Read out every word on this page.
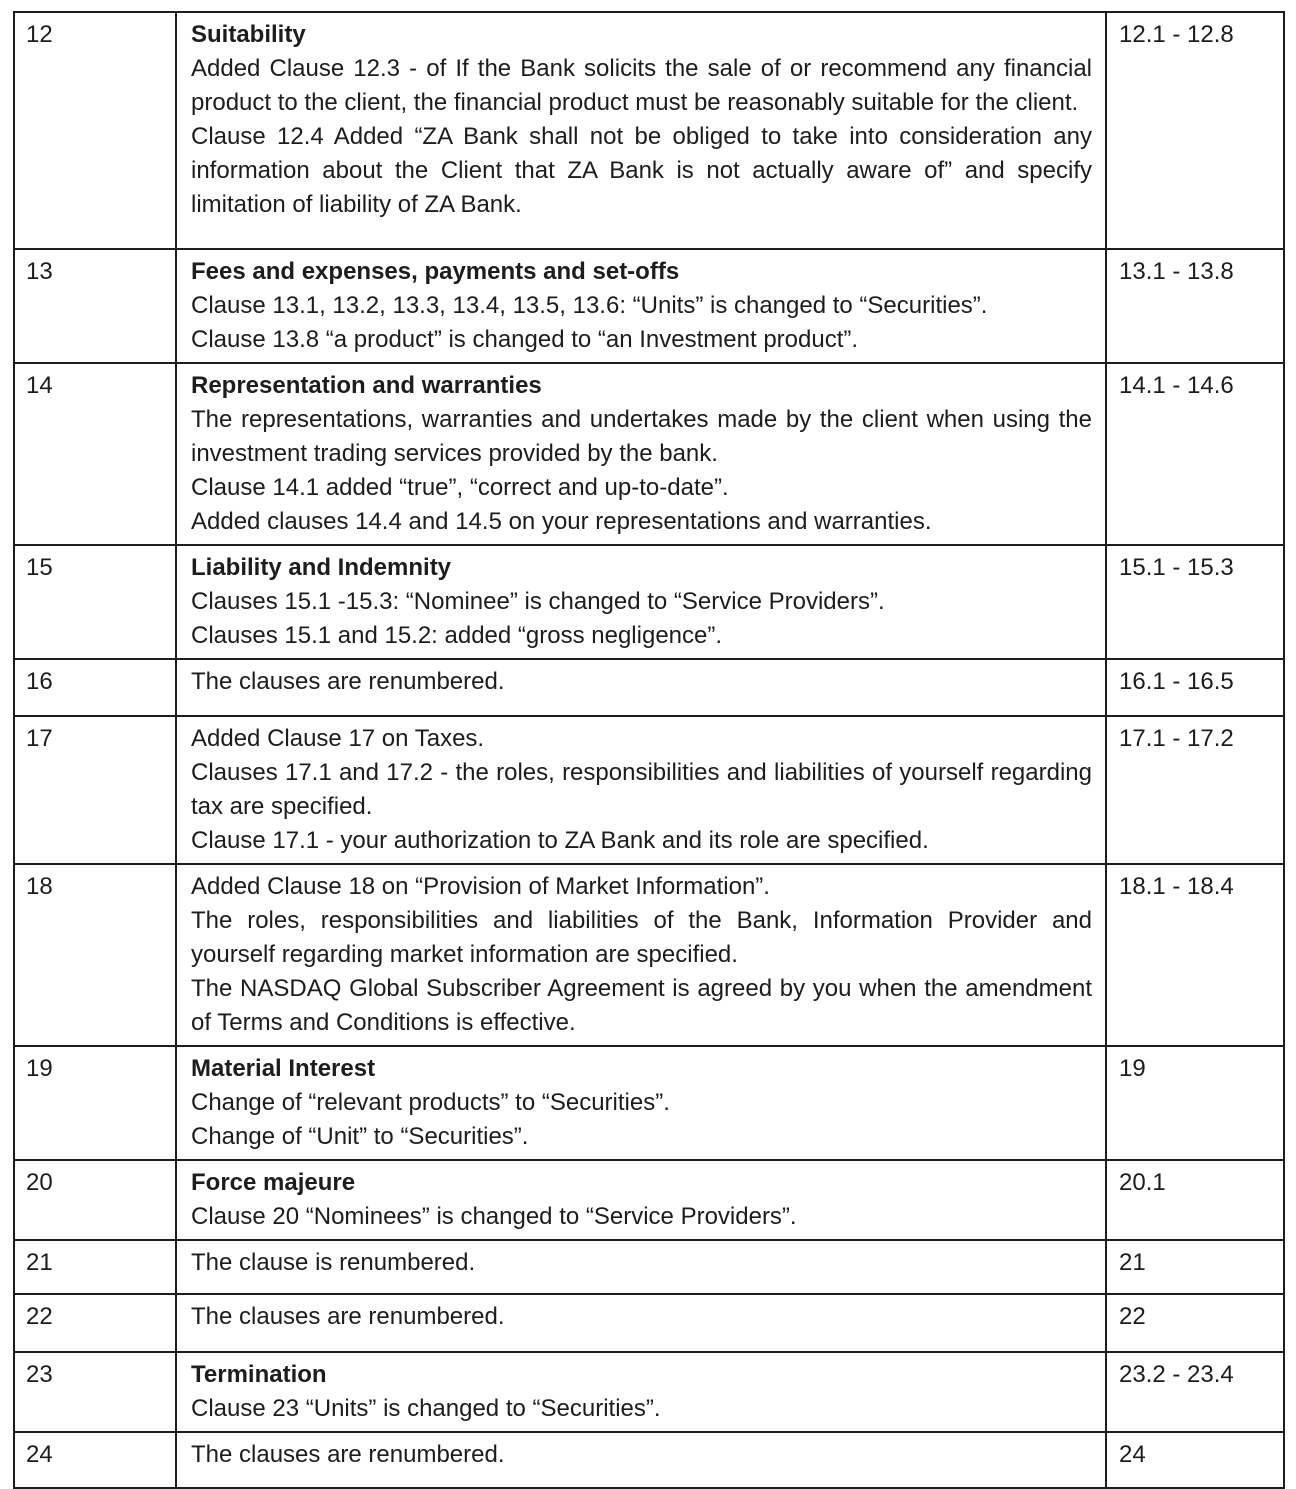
12	Suitability

Added Clause 12.3 - of If the Bank solicits the sale of or recommend any financial product to the client, the financial product must be reasonably suitable for the client.

Clause 12.4 Added “ZA Bank shall not be obliged to take into consideration any information about the Client that ZA Bank is not actually aware of” and specify limitation of liability of ZA Bank.	12.1 - 12.8
13	Fees and expenses, payments and set-offs

Clause 13.1, 13.2, 13.3, 13.4, 13.5, 13.6: “Units” is changed to “Securities”.

Clause 13.8 “a product” is changed to “an Investment product”.	13.1 - 13.8
14	Representation and warranties

The representations, warranties and undertakes made by the client when using the investment trading services provided by the bank.

Clause 14.1 added “true”, “correct and up-to-date”.

Added clauses 14.4 and 14.5 on your representations and warranties.	14.1 - 14.6
15	Liability and Indemnity

Clauses 15.1 -15.3: “Nominee” is changed to “Service Providers”.

Clauses 15.1 and 15.2: added “gross negligence”.	15.1 - 15.3
16	The clauses are renumbered.	16.1 - 16.5
17	Added Clause 17 on Taxes.

Clauses 17.1 and 17.2 - the roles, responsibilities and liabilities of yourself regarding tax are specified.

Clause 17.1 - your authorization to ZA Bank and its role are specified.	17.1 - 17.2
18	Added Clause 18 on “Provision of Market Information”.

The roles, responsibilities and liabilities of the Bank, Information Provider and yourself regarding market information are specified.

The NASDAQ Global Subscriber Agreement is agreed by you when the amendment of Terms and Conditions is effective.	18.1 - 18.4
19	Material Interest

Change of “relevant products” to “Securities”.

Change of “Unit” to “Securities”.	19
20	Force majeure

Clause 20 “Nominees” is changed to “Service Providers”.	20.1
21	The clause is renumbered.	21
22	The clauses are renumbered.	22
23	Termination

Clause 23 “Units” is changed to “Securities”.	23.2 - 23.4
24	The clauses are renumbered.	24
